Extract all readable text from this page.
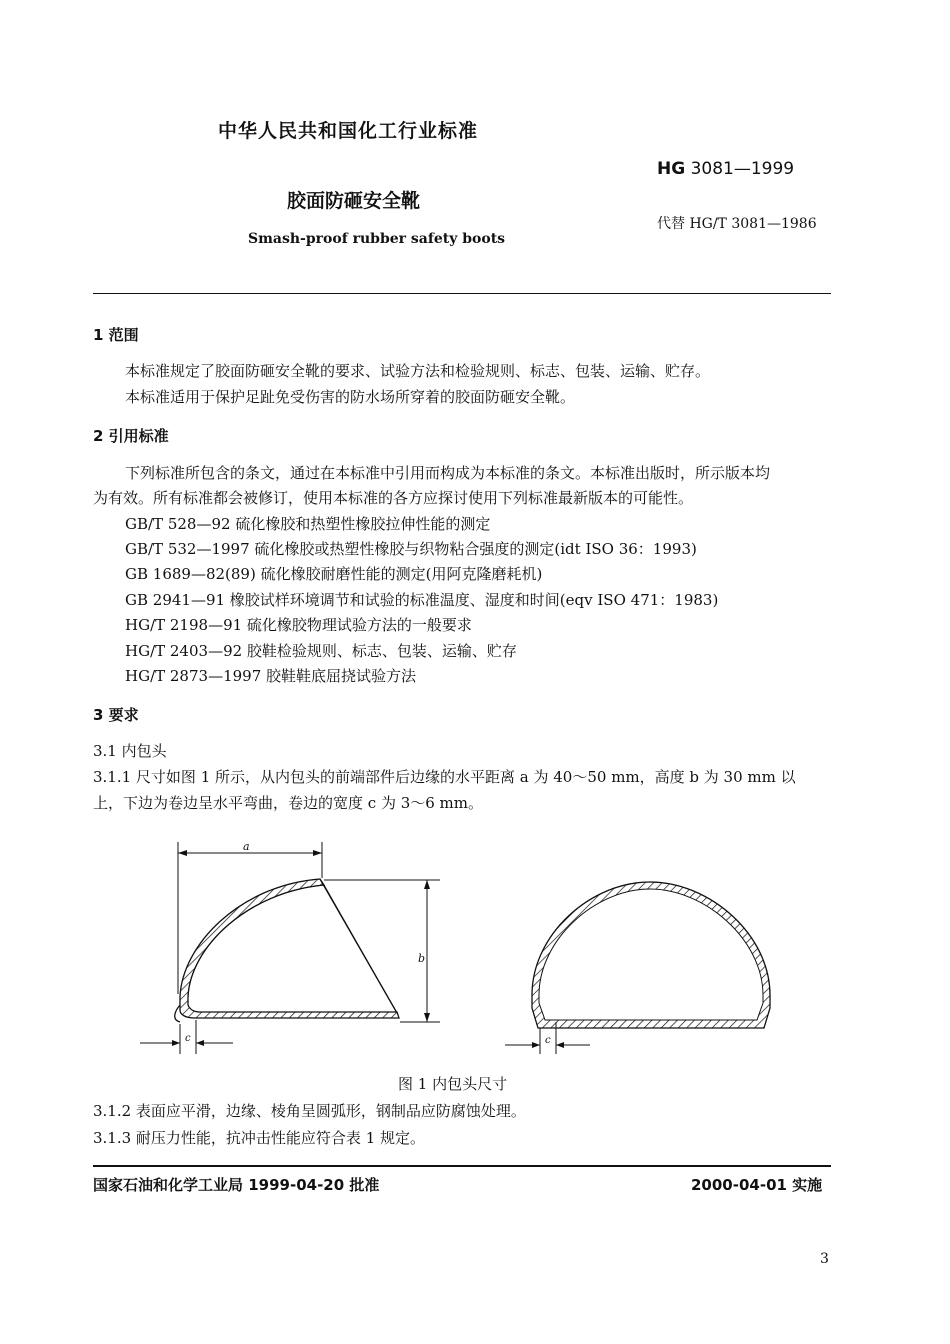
中华人民共和国化工行业标准
HG 3081—1999
胶面防砸安全靴
代替 HG/T 3081—1986
Smash-proof rubber safety boots
1 范围
本标准规定了胶面防砸安全靴的要求、试验方法和检验规则、标志、包装、运输、贮存。
本标准适用于保护足趾免受伤害的防水场所穿着的胶面防砸安全靴。
2 引用标准
下列标准所包含的条文，通过在本标准中引用而构成为本标准的条文。本标准出版时，所示版本均
为有效。所有标准都会被修订，使用本标准的各方应探讨使用下列标准最新版本的可能性。
GB/T 528—92 硫化橡胶和热塑性橡胶拉伸性能的测定
GB/T 532—1997 硫化橡胶或热塑性橡胶与织物粘合强度的测定(idt ISO 36：1993)
GB 1689—82(89) 硫化橡胶耐磨性能的测定(用阿克隆磨耗机)
GB 2941—91 橡胶试样环境调节和试验的标准温度、湿度和时间(eqv ISO 471：1983)
HG/T 2198—91 硫化橡胶物理试验方法的一般要求
HG/T 2403—92 胶鞋检验规则、标志、包装、运输、贮存
HG/T 2873—1997 胶鞋鞋底屈挠试验方法
3 要求
3.1 内包头
3.1.1 尺寸如图 1 所示，从内包头的前端部件后边缘的水平距离 a 为 40～50 mm，高度 b 为 30 mm 以
上，下边为卷边呈水平弯曲，卷边的宽度 c 为 3～6 mm。
a
b
c	c
图 1 内包头尺寸
3.1.2 表面应平滑，边缘、棱角呈圆弧形，钢制品应防腐蚀处理。
3.1.3 耐压力性能，抗冲击性能应符合表 1 规定。
国家石油和化学工业局 1999-04-20 批准	2000-04-01 实施
3
